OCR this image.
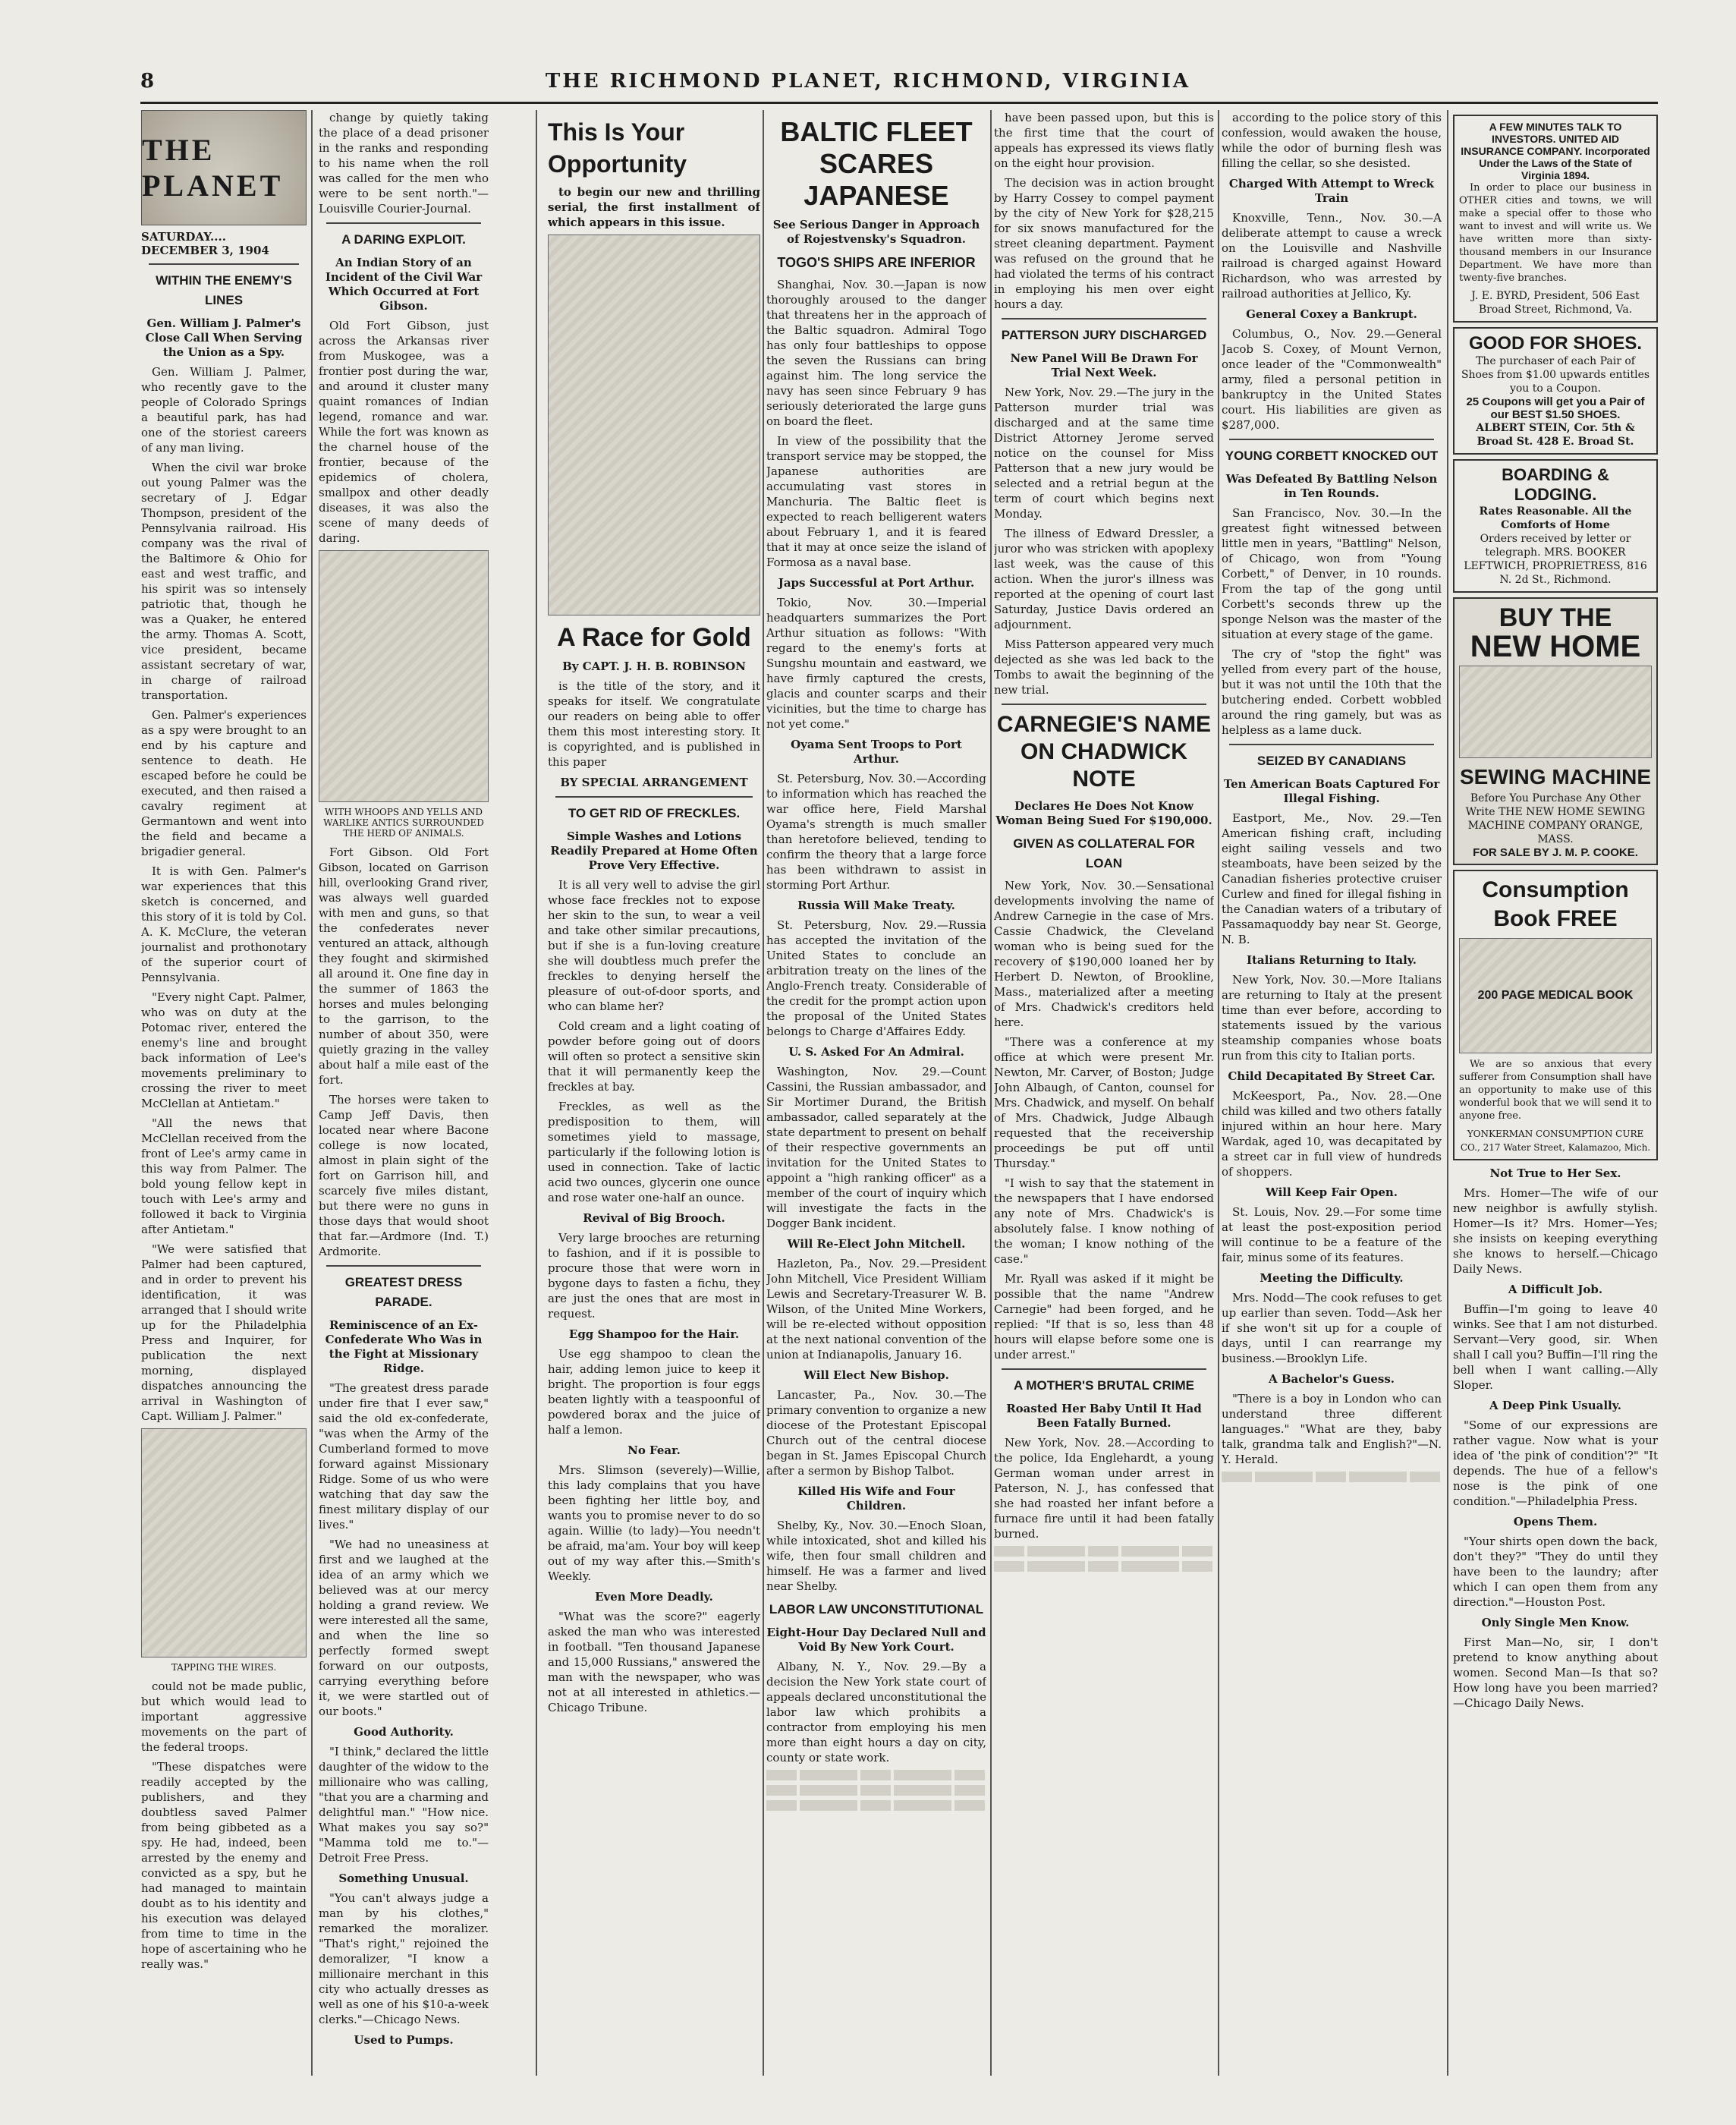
8	THE RICHMOND PLANET, RICHMOND, VIRGINIA
THE PLANET
SATURDAY.... DECEMBER 3, 1904
WITHIN THE ENEMY'S LINES
Gen. William J. Palmer's Close Call When Serving the Union as a Spy.

Gen. William J. Palmer, who recently gave to the people of Colorado Springs a beautiful park, has had one of the storiest careers of any man living.

When the civil war broke out young Palmer was the secretary of J. Edgar Thompson, president of the Pennsylvania railroad. His company was the rival of the Baltimore & Ohio for east and west traffic, and his spirit was so intensely patriotic that, though he was a Quaker, he entered the army. Thomas A. Scott, vice president, became assistant secretary of war, in charge of railroad transportation.

Gen. Palmer's experiences as a spy were brought to an end by his capture and sentence to death. He escaped before he could be executed, and then raised a cavalry regiment at Germantown and went into the field and became a brigadier general.

It is with Gen. Palmer's war experiences that this sketch is concerned, and this story of it is told by Col. A. K. McClure, the veteran journalist and prothonotary of the superior court of Pennsylvania.

"Every night Capt. Palmer, who was on duty at the Potomac river, entered the enemy's line and brought back information of Lee's movements preliminary to crossing the river to meet McClellan at Antietam."

"All the news that McClellan received from the front of Lee's army came in this way from Palmer. The bold young fellow kept in touch with Lee's army and followed it back to Virginia after Antietam."

"We were satisfied that Palmer had been captured, and in order to prevent his identification, it was arranged that I should write up for the Philadelphia Press and Inquirer, for publication the next morning, displayed dispatches announcing the arrival in Washington of Capt. William J. Palmer."

TAPPING THE WIRES.

could not be made public, but which would lead to important aggressive movements on the part of the federal troops.

"These dispatches were readily accepted by the publishers, and they doubtless saved Palmer from being gibbeted as a spy. He had, indeed, been arrested by the enemy and convicted as a spy, but he had managed to maintain doubt as to his identity and his execution was delayed from time to time in the hope of ascertaining who he really was."

change by quietly taking the place of a dead prisoner in the ranks and responding to his name when the roll was called for the men who were to be sent north."—Louisville Courier-Journal.

A DARING EXPLOIT.
An Indian Story of an Incident of the Civil War Which Occurred at Fort Gibson.

Old Fort Gibson, just across the Arkansas river from Muskogee, was a frontier post during the war, and around it cluster many quaint romances of Indian legend, romance and war. While the fort was known as the charnel house of the frontier, because of the epidemics of cholera, smallpox and other deadly diseases, it was also the scene of many deeds of daring.

WITH WHOOPS AND YELLS AND WARLIKE ANTICS SURROUNDED THE HERD OF ANIMALS.

Fort Gibson. Old Fort Gibson, located on Garrison hill, overlooking Grand river, was always well guarded with men and guns, so that the confederates never ventured an attack, although they fought and skirmished all around it. One fine day in the summer of 1863 the horses and mules belonging to the garrison, to the number of about 350, were quietly grazing in the valley about half a mile east of the fort.

The horses were taken to Camp Jeff Davis, then located near where Bacone college is now located, almost in plain sight of the fort on Garrison hill, and scarcely five miles distant, but there were no guns in those days that would shoot that far.—Ardmore (Ind. T.) Ardmorite.

GREATEST DRESS PARADE.
Reminiscence of an Ex-Confederate Who Was in the Fight at Missionary Ridge.

"The greatest dress parade under fire that I ever saw," said the old ex-confederate, "was when the Army of the Cumberland formed to move forward against Missionary Ridge. Some of us who were watching that day saw the finest military display of our lives."

"We had no uneasiness at first and we laughed at the idea of an army which we believed was at our mercy holding a grand review. We were interested all the same, and when the line so perfectly formed swept forward on our outposts, carrying everything before it, we were startled out of our boots."

Good Authority.

"I think," declared the little daughter of the widow to the millionaire who was calling, "that you are a charming and delightful man." "How nice. What makes you say so?" "Mamma told me to."—Detroit Free Press.

Something Unusual.

"You can't always judge a man by his clothes," remarked the moralizer. "That's right," rejoined the demoralizer, "I know a millionaire merchant in this city who actually dresses as well as one of his $10-a-week clerks."—Chicago News.

Used to Pumps.
This Is Your Opportunity

to begin our new and thrilling serial, the first installment of which appears in this issue.

A Race for Gold
By CAPT. J. H. B. ROBINSON

is the title of the story, and it speaks for itself. We congratulate our readers on being able to offer them this most interesting story. It is copyrighted, and is published in this paper

BY SPECIAL ARRANGEMENT
TO GET RID OF FRECKLES.
Simple Washes and Lotions Readily Prepared at Home Often Prove Very Effective.

It is all very well to advise the girl whose face freckles not to expose her skin to the sun, to wear a veil and take other similar precautions, but if she is a fun-loving creature she will doubtless much prefer the freckles to denying herself the pleasure of out-of-door sports, and who can blame her?

Cold cream and a light coating of powder before going out of doors will often so protect a sensitive skin that it will permanently keep the freckles at bay.

Freckles, as well as the predisposition to them, will sometimes yield to massage, particularly if the following lotion is used in connection. Take of lactic acid two ounces, glycerin one ounce and rose water one-half an ounce.

Revival of Big Brooch.

Very large brooches are returning to fashion, and if it is possible to procure those that were worn in bygone days to fasten a fichu, they are just the ones that are most in request.

Egg Shampoo for the Hair.

Use egg shampoo to clean the hair, adding lemon juice to keep it bright. The proportion is four eggs beaten lightly with a teaspoonful of powdered borax and the juice of half a lemon.

No Fear.

Mrs. Slimson (severely)—Willie, this lady complains that you have been fighting her little boy, and wants you to promise never to do so again. Willie (to lady)—You needn't be afraid, ma'am. Your boy will keep out of my way after this.—Smith's Weekly.

Even More Deadly.

"What was the score?" eagerly asked the man who was interested in football. "Ten thousand Japanese and 15,000 Russians," answered the man with the newspaper, who was not at all interested in athletics.—Chicago Tribune.

BALTIC FLEET SCARES JAPANESE
See Serious Danger in Approach of Rojestvensky's Squadron.
TOGO'S SHIPS ARE INFERIOR

Shanghai, Nov. 30.—Japan is now thoroughly aroused to the danger that threatens her in the approach of the Baltic squadron. Admiral Togo has only four battleships to oppose the seven the Russians can bring against him. The long service the navy has seen since February 9 has seriously deteriorated the large guns on board the fleet.

In view of the possibility that the transport service may be stopped, the Japanese authorities are accumulating vast stores in Manchuria. The Baltic fleet is expected to reach belligerent waters about February 1, and it is feared that it may at once seize the island of Formosa as a naval base.

Japs Successful at Port Arthur.

Tokio, Nov. 30.—Imperial headquarters summarizes the Port Arthur situation as follows: "With regard to the enemy's forts at Sungshu mountain and eastward, we have firmly captured the crests, glacis and counter scarps and their vicinities, but the time to charge has not yet come."

Oyama Sent Troops to Port Arthur.

St. Petersburg, Nov. 30.—According to information which has reached the war office here, Field Marshal Oyama's strength is much smaller than heretofore believed, tending to confirm the theory that a large force has been withdrawn to assist in storming Port Arthur.

Russia Will Make Treaty.

St. Petersburg, Nov. 29.—Russia has accepted the invitation of the United States to conclude an arbitration treaty on the lines of the Anglo-French treaty. Considerable of the credit for the prompt action upon the proposal of the United States belongs to Charge d'Affaires Eddy.

U. S. Asked For An Admiral.

Washington, Nov. 29.—Count Cassini, the Russian ambassador, and Sir Mortimer Durand, the British ambassador, called separately at the state department to present on behalf of their respective governments an invitation for the United States to appoint a "high ranking officer" as a member of the court of inquiry which will investigate the facts in the Dogger Bank incident.

Will Re-Elect John Mitchell.

Hazleton, Pa., Nov. 29.—President John Mitchell, Vice President William Lewis and Secretary-Treasurer W. B. Wilson, of the United Mine Workers, will be re-elected without opposition at the next national convention of the union at Indianapolis, January 16.

Will Elect New Bishop.

Lancaster, Pa., Nov. 30.—The primary convention to organize a new diocese of the Protestant Episcopal Church out of the central diocese began in St. James Episcopal Church after a sermon by Bishop Talbot.

Killed His Wife and Four Children.

Shelby, Ky., Nov. 30.—Enoch Sloan, while intoxicated, shot and killed his wife, then four small children and himself. He was a farmer and lived near Shelby.

LABOR LAW UNCONSTITUTIONAL
Eight-Hour Day Declared Null and Void By New York Court.

Albany, N. Y., Nov. 29.—By a decision the New York state court of appeals declared unconstitutional the labor law which prohibits a contractor from employing his men more than eight hours a day on city, county or state work.

have been passed upon, but this is the first time that the court of appeals has expressed its views flatly on the eight hour provision.

The decision was in action brought by Harry Cossey to compel payment by the city of New York for $28,215 for six snows manufactured for the street cleaning department. Payment was refused on the ground that he had violated the terms of his contract in employing his men over eight hours a day.

PATTERSON JURY DISCHARGED
New Panel Will Be Drawn For Trial Next Week.

New York, Nov. 29.—The jury in the Patterson murder trial was discharged and at the same time District Attorney Jerome served notice on the counsel for Miss Patterson that a new jury would be selected and a retrial begun at the term of court which begins next Monday.

The illness of Edward Dressler, a juror who was stricken with apoplexy last week, was the cause of this action. When the juror's illness was reported at the opening of court last Saturday, Justice Davis ordered an adjournment.

Miss Patterson appeared very much dejected as she was led back to the Tombs to await the beginning of the new trial.

CARNEGIE'S NAME ON CHADWICK NOTE
Declares He Does Not Know Woman Being Sued For $190,000.
GIVEN AS COLLATERAL FOR LOAN

New York, Nov. 30.—Sensational developments involving the name of Andrew Carnegie in the case of Mrs. Cassie Chadwick, the Cleveland woman who is being sued for the recovery of $190,000 loaned her by Herbert D. Newton, of Brookline, Mass., materialized after a meeting of Mrs. Chadwick's creditors held here.

"There was a conference at my office at which were present Mr. Newton, Mr. Carver, of Boston; Judge John Albaugh, of Canton, counsel for Mrs. Chadwick, and myself. On behalf of Mrs. Chadwick, Judge Albaugh requested that the receivership proceedings be put off until Thursday."

"I wish to say that the statement in the newspapers that I have endorsed any note of Mrs. Chadwick's is absolutely false. I know nothing of the woman; I know nothing of the case."

Mr. Ryall was asked if it might be possible that the name "Andrew Carnegie" had been forged, and he replied: "If that is so, less than 48 hours will elapse before some one is under arrest."

A MOTHER'S BRUTAL CRIME
Roasted Her Baby Until It Had Been Fatally Burned.

New York, Nov. 28.—According to the police, Ida Englehardt, a young German woman under arrest in Paterson, N. J., has confessed that she had roasted her infant before a furnace fire until it had been fatally burned.

according to the police story of this confession, would awaken the house, while the odor of burning flesh was filling the cellar, so she desisted.

Charged With Attempt to Wreck Train

Knoxville, Tenn., Nov. 30.—A deliberate attempt to cause a wreck on the Louisville and Nashville railroad is charged against Howard Richardson, who was arrested by railroad authorities at Jellico, Ky.

General Coxey a Bankrupt.

Columbus, O., Nov. 29.—General Jacob S. Coxey, of Mount Vernon, once leader of the "Commonwealth" army, filed a personal petition in bankruptcy in the United States court. His liabilities are given as $287,000.

YOUNG CORBETT KNOCKED OUT
Was Defeated By Battling Nelson in Ten Rounds.

San Francisco, Nov. 30.—In the greatest fight witnessed between little men in years, "Battling" Nelson, of Chicago, won from "Young Corbett," of Denver, in 10 rounds. From the tap of the gong until Corbett's seconds threw up the sponge Nelson was the master of the situation at every stage of the game.

The cry of "stop the fight" was yelled from every part of the house, but it was not until the 10th that the butchering ended. Corbett wobbled around the ring gamely, but was as helpless as a lame duck.

SEIZED BY CANADIANS
Ten American Boats Captured For Illegal Fishing.

Eastport, Me., Nov. 29.—Ten American fishing craft, including eight sailing vessels and two steamboats, have been seized by the Canadian fisheries protective cruiser Curlew and fined for illegal fishing in the Canadian waters of a tributary of Passamaquoddy bay near St. George, N. B.

Italians Returning to Italy.

New York, Nov. 30.—More Italians are returning to Italy at the present time than ever before, according to statements issued by the various steamship companies whose boats run from this city to Italian ports.

Child Decapitated By Street Car.

McKeesport, Pa., Nov. 28.—One child was killed and two others fatally injured within an hour here. Mary Wardak, aged 10, was decapitated by a street car in full view of hundreds of shoppers.

Will Keep Fair Open.

St. Louis, Nov. 29.—For some time at least the post-exposition period will continue to be a feature of the fair, minus some of its features.

Meeting the Difficulty.

Mrs. Nodd—The cook refuses to get up earlier than seven. Todd—Ask her if she won't sit up for a couple of days, until I can rearrange my business.—Brooklyn Life.

A Bachelor's Guess.

"There is a boy in London who can understand three different languages." "What are they, baby talk, grandma talk and English?"—N. Y. Herald.

A FEW MINUTES TALK TO INVESTORS. UNITED AID INSURANCE COMPANY. Incorporated Under the Laws of the State of Virginia 1894.

In order to place our business in OTHER cities and towns, we will make a special offer to those who want to invest and will write us. We have written more than sixty-thousand members in our Insurance Department. We have more than twenty-five branches.

J. E. BYRD, President, 506 East Broad Street, Richmond, Va.
GOOD FOR SHOES.
The purchaser of each Pair of Shoes from $1.00 upwards entitles you to a Coupon.
25 Coupons will get you a Pair of our BEST $1.50 SHOES.
ALBERT STEIN, Cor. 5th & Broad St. 428 E. Broad St.
BOARDING & LODGING.
Rates Reasonable. All the Comforts of Home
Orders received by letter or telegraph. MRS. BOOKER LEFTWICH, PROPRIETRESS, 816 N. 2d St., Richmond.
BUY THE
NEW HOME
SEWING MACHINE
Before You Purchase Any Other Write THE NEW HOME SEWING MACHINE COMPANY ORANGE, MASS.
FOR SALE BY J. M. P. COOKE.
Consumption Book FREE
200 PAGE MEDICAL BOOK

We are so anxious that every sufferer from Consumption shall have an opportunity to make use of this wonderful book that we will send it to anyone free.

YONKERMAN CONSUMPTION CURE CO., 217 Water Street, Kalamazoo, Mich.
Not True to Her Sex.

Mrs. Homer—The wife of our new neighbor is awfully stylish. Homer—Is it? Mrs. Homer—Yes; she insists on keeping everything she knows to herself.—Chicago Daily News.

A Difficult Job.

Buffin—I'm going to leave 40 winks. See that I am not disturbed. Servant—Very good, sir. When shall I call you? Buffin—I'll ring the bell when I want calling.—Ally Sloper.

A Deep Pink Usually.

"Some of our expressions are rather vague. Now what is your idea of 'the pink of condition'?" "It depends. The hue of a fellow's nose is the pink of one condition."—Philadelphia Press.

Opens Them.

"Your shirts open down the back, don't they?" "They do until they have been to the laundry; after which I can open them from any direction."—Houston Post.

Only Single Men Know.

First Man—No, sir, I don't pretend to know anything about women. Second Man—Is that so? How long have you been married?—Chicago Daily News.
